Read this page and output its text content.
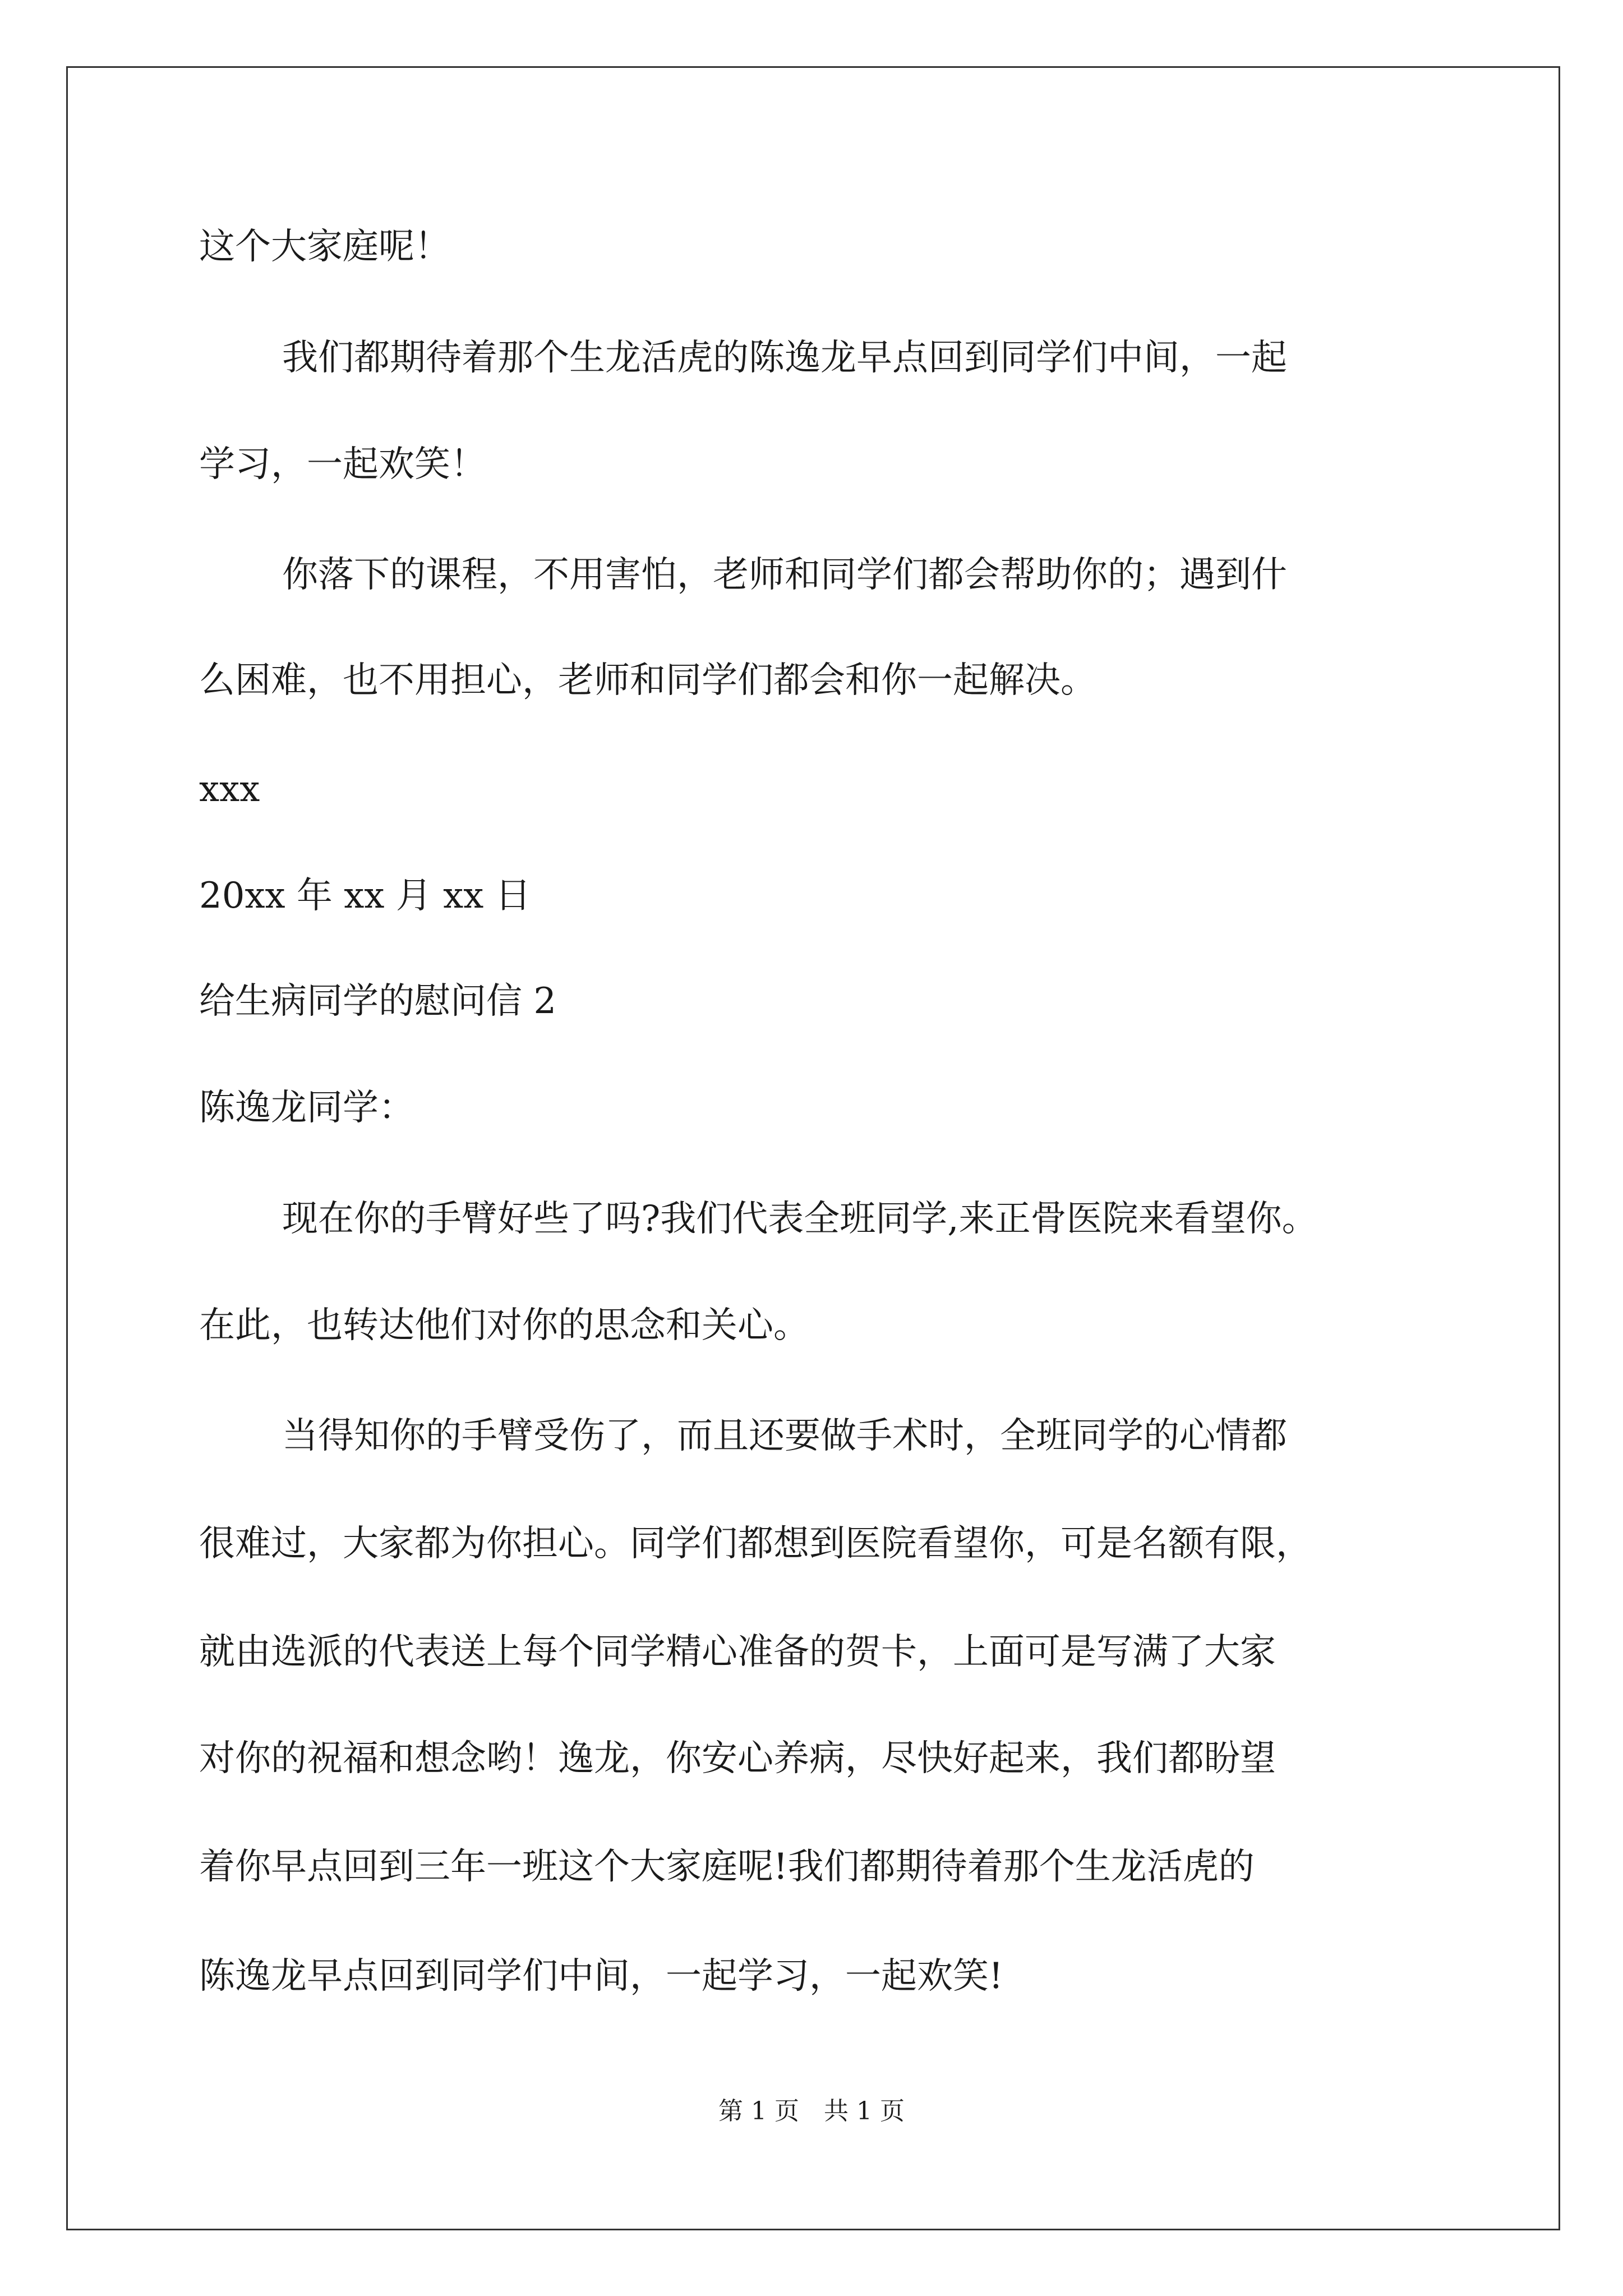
这个大家庭呢！
我们都期待着那个生龙活虎的陈逸龙早点回到同学们中间，一起
学习，一起欢笑！
你落下的课程，不用害怕，老师和同学们都会帮助你的；遇到什
么困难，也不用担心，老师和同学们都会和你一起解决。
xxx
20xx 年 xx 月 xx 日
给生病同学的慰问信 2
陈逸龙同学：
现在你的手臂好些了吗?我们代表全班同学,来正骨医院来看望你。
在此，也转达他们对你的思念和关心。
当得知你的手臂受伤了，而且还要做手术时，全班同学的心情都
很难过，大家都为你担心。同学们都想到医院看望你，可是名额有限，
就由选派的代表送上每个同学精心准备的贺卡，上面可是写满了大家
对你的祝福和想念哟！逸龙，你安心养病，尽快好起来，我们都盼望
着你早点回到三年一班这个大家庭呢!我们都期待着那个生龙活虎的
陈逸龙早点回到同学们中间，一起学习，一起欢笑!
第 1 页 共 1 页
